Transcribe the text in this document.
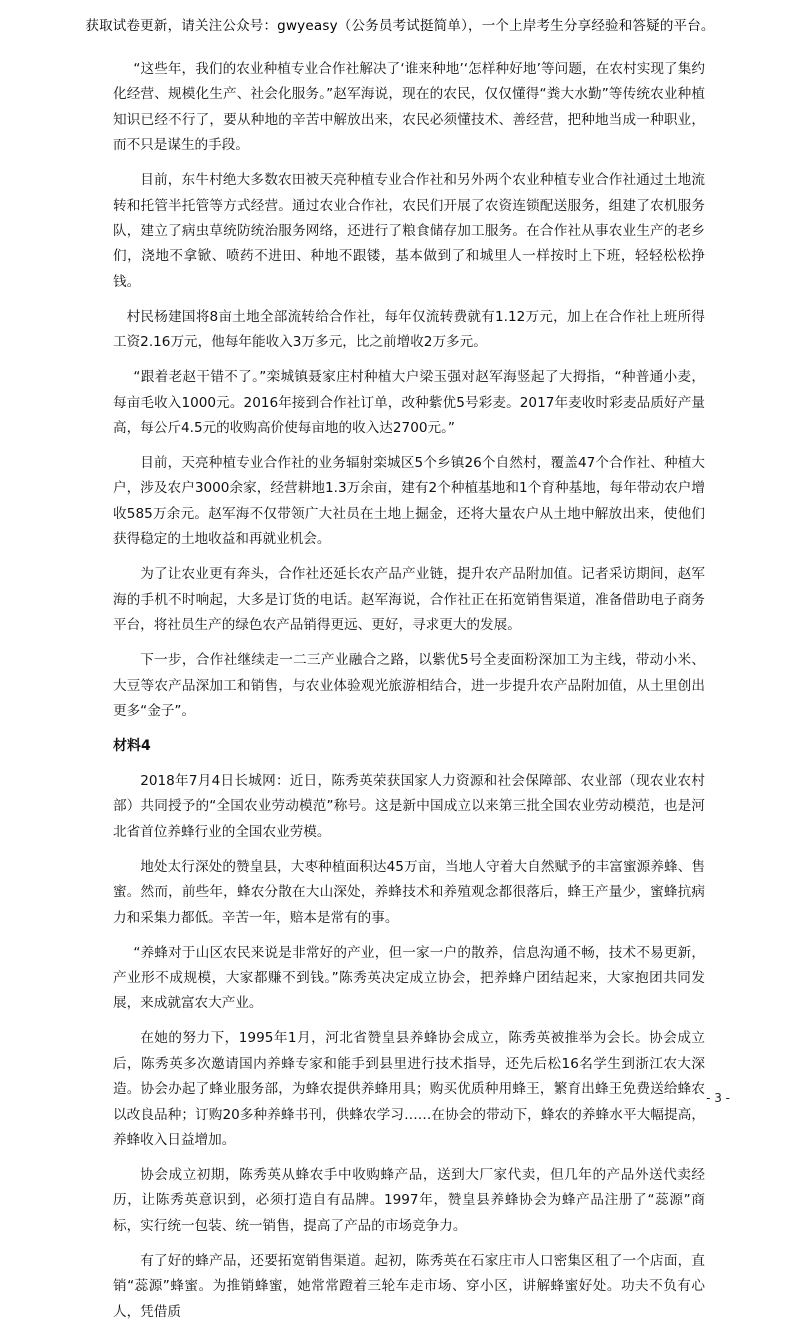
获取试卷更新，请关注公众号：gwyeasy（公务员考试挺简单），一个上岸考生分享经验和答疑的平台。

“这些年，我们的农业种植专业合作社解决了‘谁来种地’‘怎样种好地’等问题，在农村实现了集约化经营、规模化生产、社会化服务。”赵军海说，现在的农民，仅仅懂得“粪大水勤”等传统农业种植知识已经不行了，要从种地的辛苦中解放出来，农民必须懂技术、善经营，把种地当成一种职业，而不只是谋生的手段。

目前，东牛村绝大多数农田被天亮种植专业合作社和另外两个农业种植专业合作社通过土地流转和托管半托管等方式经营。通过农业合作社，农民们开展了农资连锁配送服务，组建了农机服务队，建立了病虫草统防统治服务网络，还进行了粮食储存加工服务。在合作社从事农业生产的老乡们，浇地不拿锨、喷药不进田、种地不跟镂，基本做到了和城里人一样按时上下班，轻轻松松挣钱。

村民杨建国将8亩土地全部流转给合作社，每年仅流转费就有1.12万元，加上在合作社上班所得工资2.16万元，他每年能收入3万多元，比之前增收2万多元。

“跟着老赵干错不了。”栾城镇聂家庄村种植大户梁玉强对赵军海竖起了大拇指，“种普通小麦，每亩毛收入1000元。2016年接到合作社订单，改种紫优5号彩麦。2017年麦收时彩麦品质好产量高，每公斤4.5元的收购高价使每亩地的收入达2700元。”

目前，天亮种植专业合作社的业务辐射栾城区5个乡镇26个自然村，覆盖47个合作社、种植大户，涉及农户3000余家，经营耕地1.3万余亩，建有2个种植基地和1个育种基地，每年带动农户增收585万余元。赵军海不仅带领广大社员在土地上掘金，还将大量农户从土地中解放出来，使他们获得稳定的土地收益和再就业机会。

为了让农业更有奔头，合作社还延长农产品产业链，提升农产品附加值。记者采访期间，赵军海的手机不时响起，大多是订货的电话。赵军海说，合作社正在拓宽销售渠道，准备借助电子商务平台，将社员生产的绿色农产品销得更远、更好，寻求更大的发展。

下一步，合作社继续走一二三产业融合之路，以紫优5号全麦面粉深加工为主线，带动小米、大豆等农产品深加工和销售，与农业体验观光旅游相结合，进一步提升农产品附加值，从土里创出更多“金子”。

材料4

2018年7月4日长城网：近日，陈秀英荣获国家人力资源和社会保障部、农业部（现农业农村部）共同授予的“全国农业劳动模范”称号。这是新中国成立以来第三批全国农业劳动模范，也是河北省首位养蜂行业的全国农业劳模。

地处太行深处的赞皇县，大枣种植面积达45万亩，当地人守着大自然赋予的丰富蜜源养蜂、售蜜。然而，前些年，蜂农分散在大山深处，养蜂技术和养殖观念都很落后，蜂王产量少，蜜蜂抗病力和采集力都低。辛苦一年，赔本是常有的事。

“养蜂对于山区农民来说是非常好的产业，但一家一户的散养，信息沟通不畅，技术不易更新，产业形不成规模，大家都赚不到钱。”陈秀英决定成立协会，把养蜂户团结起来，大家抱团共同发展，来成就富农大产业。

在她的努力下，1995年1月，河北省赞皇县养蜂协会成立，陈秀英被推举为会长。协会成立后，陈秀英多次邀请国内养蜂专家和能手到县里进行技术指导，还先后松16名学生到浙江农大深造。协会办起了蜂业服务部，为蜂农提供养蜂用具；购买优质种用蜂王，繁育出蜂王免费送给蜂农以改良品种；订购20多种养蜂书刊，供蜂农学习……在协会的带动下，蜂农的养蜂水平大幅提高，养蜂收入日益增加。

协会成立初期，陈秀英从蜂农手中收购蜂产品，送到大厂家代卖，但几年的产品外送代卖经历，让陈秀英意识到，必须打造自有品牌。1997年，赞皇县养蜂协会为蜂产品注册了“蕊源”商标，实行统一包装、统一销售，提高了产品的市场竞争力。

有了好的蜂产品，还要拓宽销售渠道。起初，陈秀英在石家庄市人口密集区租了一个店面，直销“蕊源”蜂蜜。为推销蜂蜜，她常常蹬着三轮车走市场、穿小区，讲解蜂蜜好处。功夫不负有心人，凭借质

- 3 -
